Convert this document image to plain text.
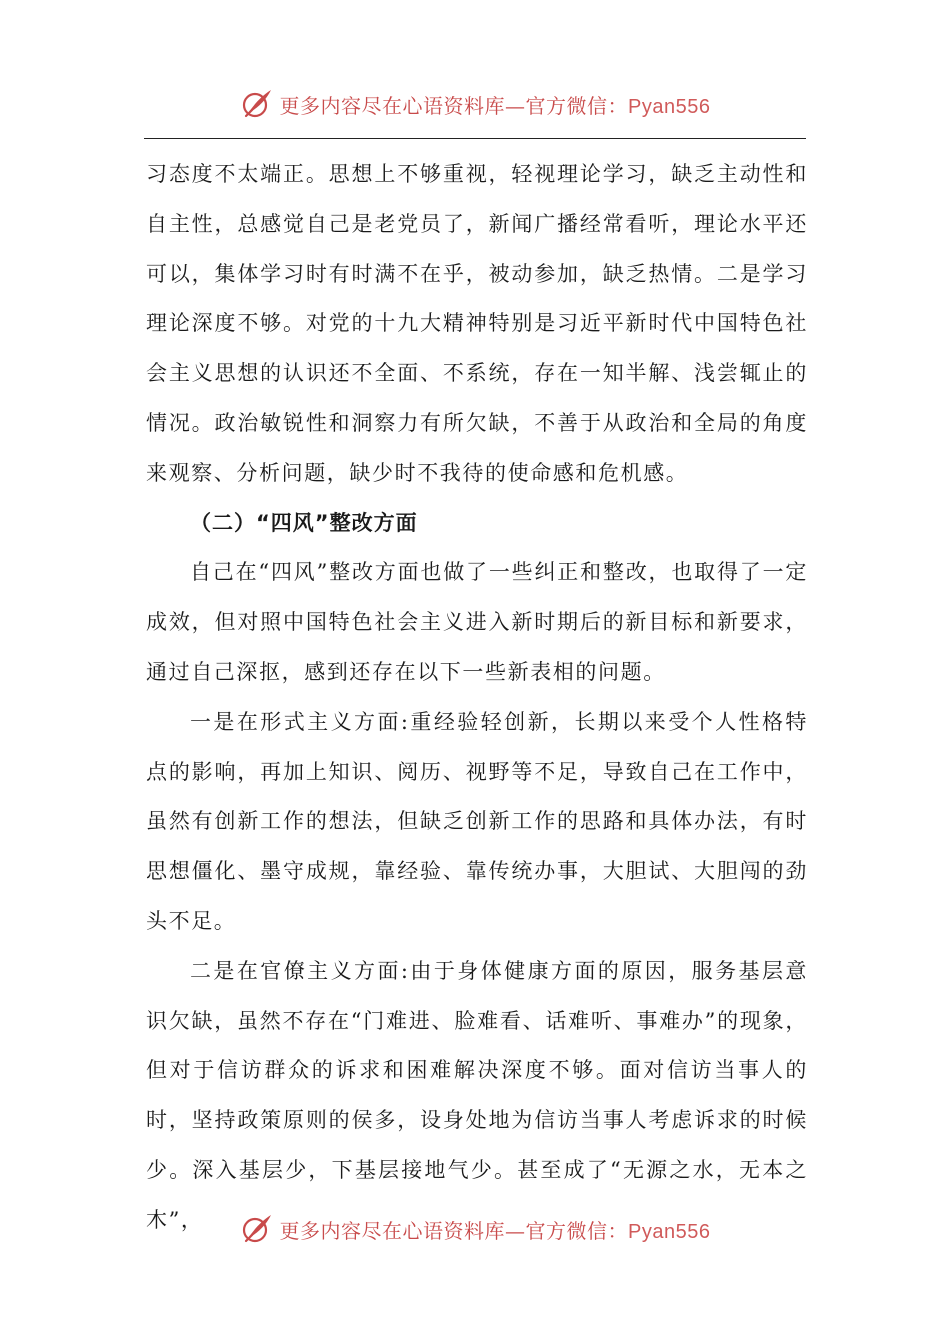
更多内容尽在心语资料库—官方微信：Pyan556

习态度不太端正。思想上不够重视，轻视理论学习，缺乏主动性和自主性，总感觉自己是老党员了，新闻广播经常看听，理论水平还可以，集体学习时有时满不在乎，被动参加，缺乏热情。二是学习理论深度不够。对党的十九大精神特别是习近平新时代中国特色社会主义思想的认识还不全面、不系统，存在一知半解、浅尝辄止的情况。政治敏锐性和洞察力有所欠缺，不善于从政治和全局的角度来观察、分析问题，缺少时不我待的使命感和危机感。

（二）“四风”整改方面

自己在“四风”整改方面也做了一些纠正和整改，也取得了一定成效，但对照中国特色社会主义进入新时期后的新目标和新要求，通过自己深抠，感到还存在以下一些新表相的问题。

一是在形式主义方面:重经验轻创新，长期以来受个人性格特点的影响，再加上知识、阅历、视野等不足，导致自己在工作中，虽然有创新工作的想法，但缺乏创新工作的思路和具体办法，有时思想僵化、墨守成规，靠经验、靠传统办事，大胆试、大胆闯的劲头不足。

二是在官僚主义方面:由于身体健康方面的原因，服务基层意识欠缺，虽然不存在“门难进、脸难看、话难听、事难办”的现象，但对于信访群众的诉求和困难解决深度不够。面对信访当事人的时，坚持政策原则的侯多，设身处地为信访当事人考虑诉求的时候少。深入基层少，下基层接地气少。甚至成了“无源之水，无本之木”，	更多内容尽在心语资料库—官方微信：Pyan556
